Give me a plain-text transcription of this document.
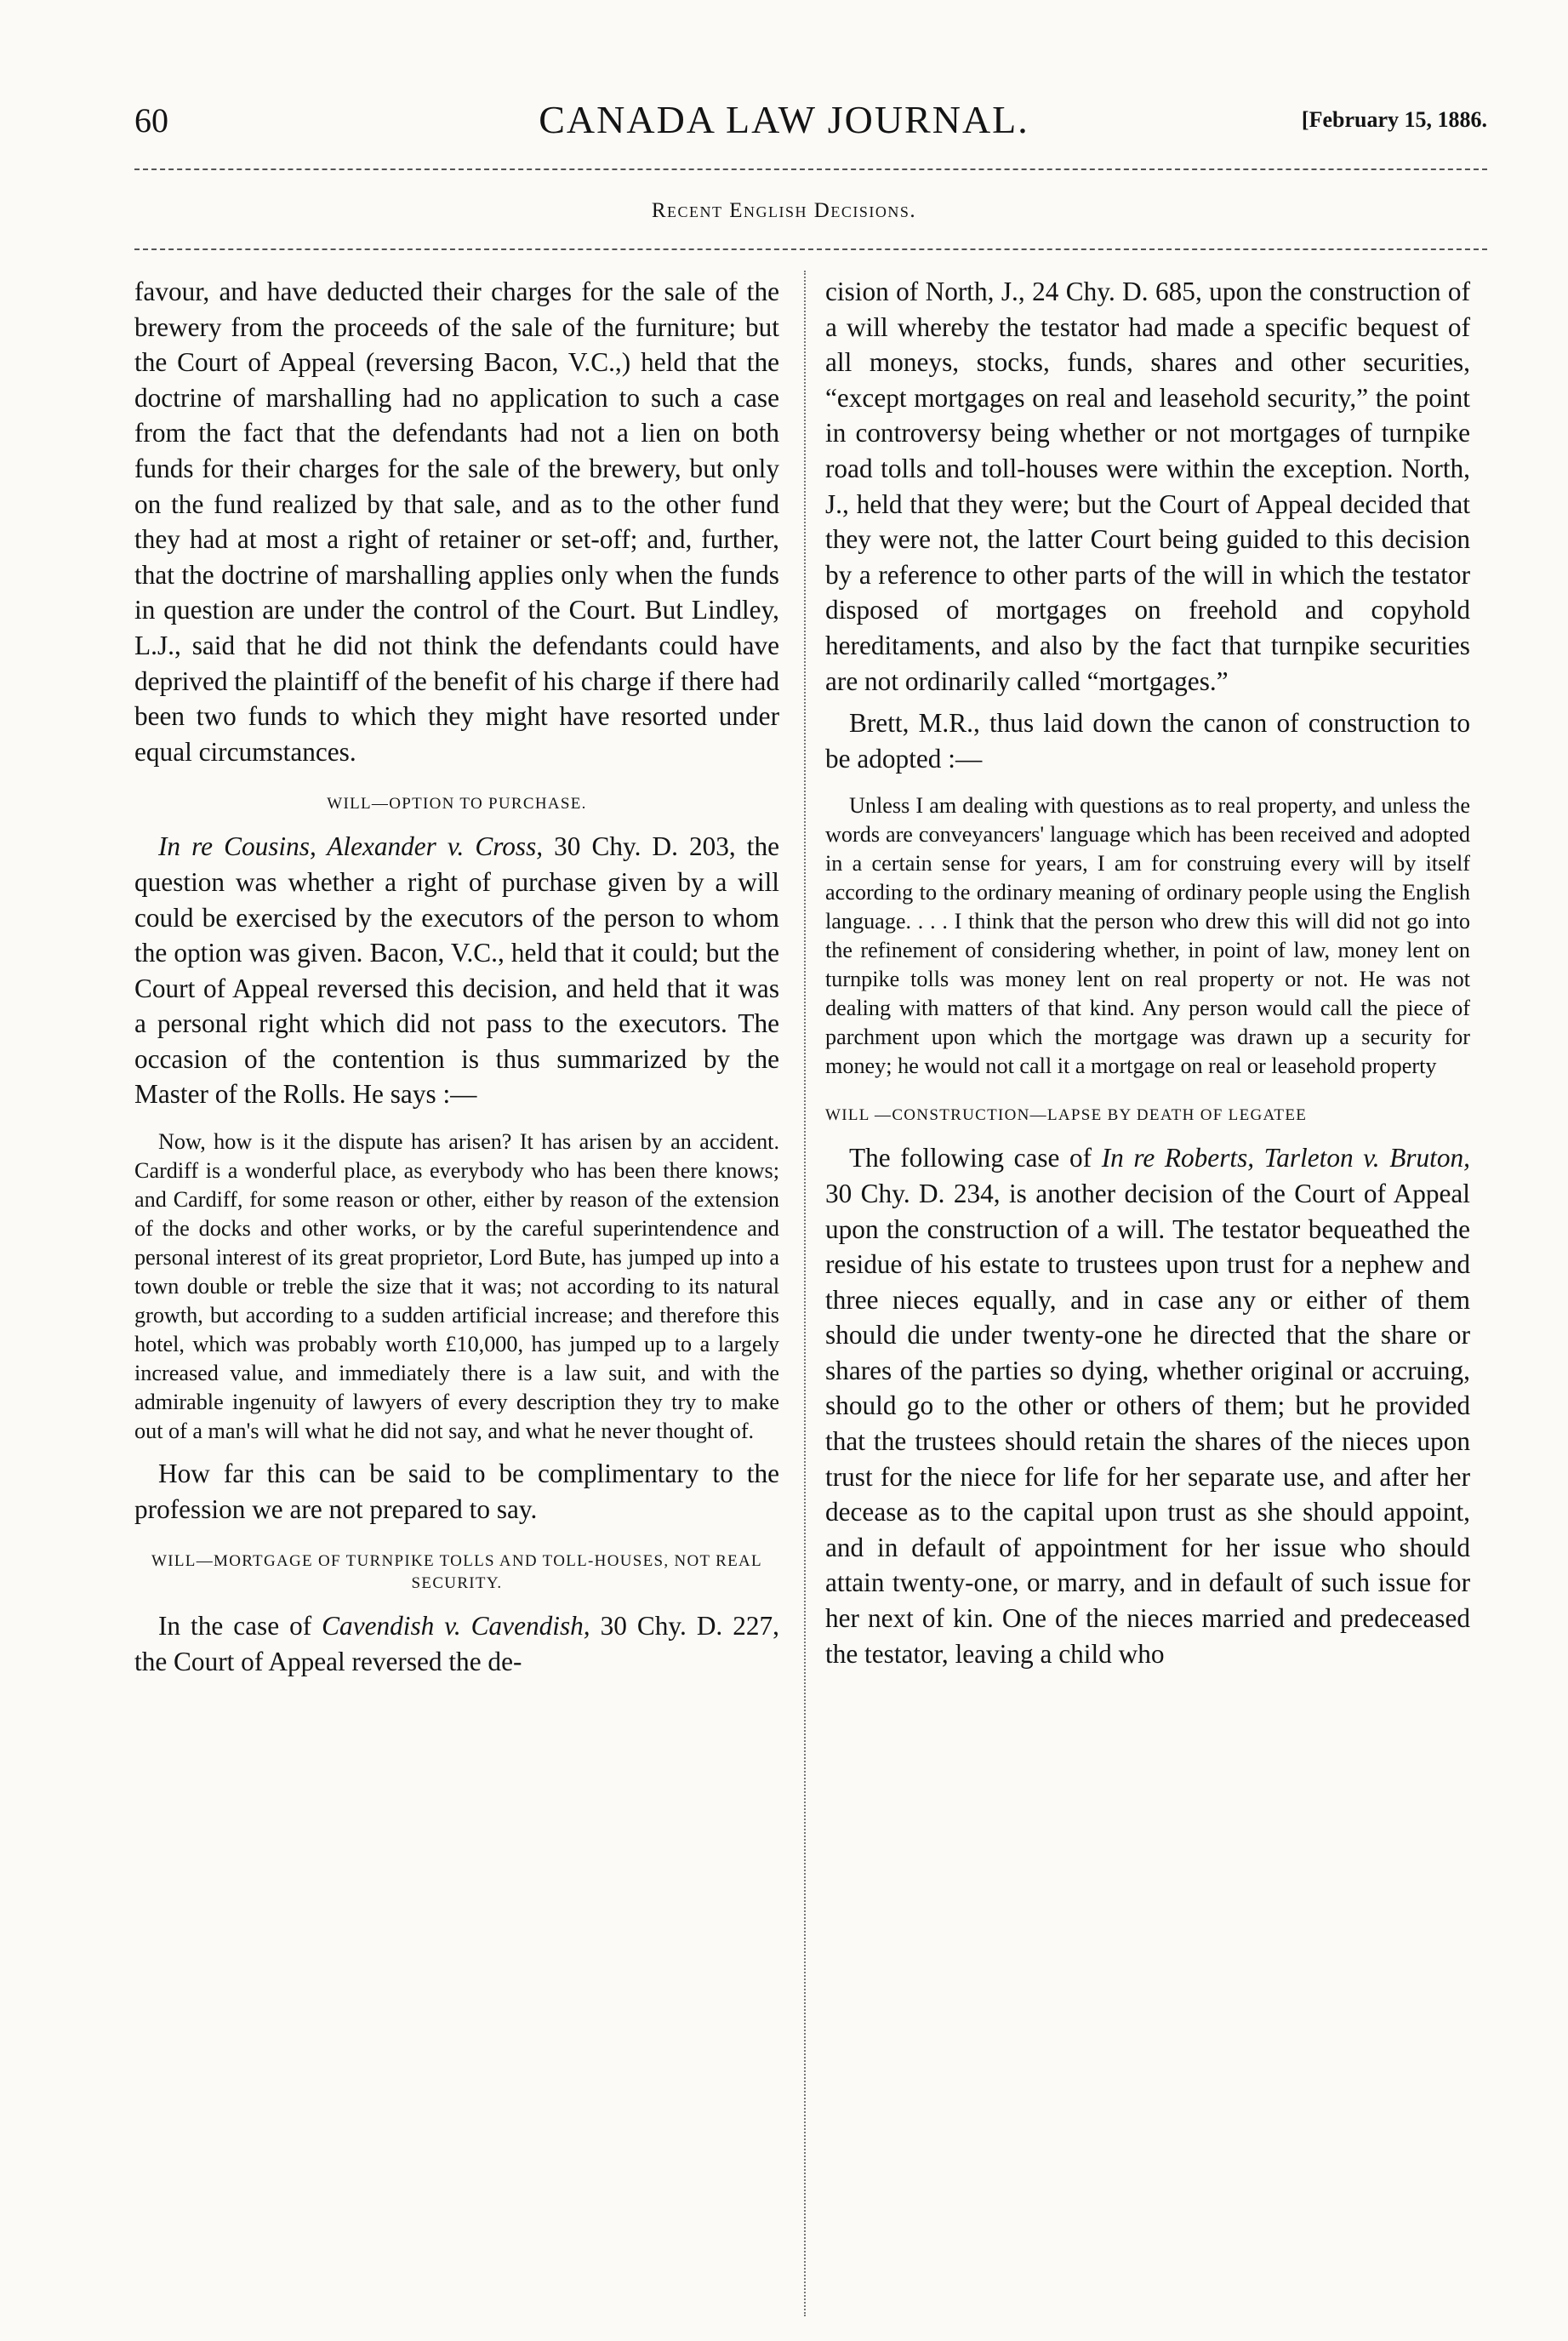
60	CANADA LAW JOURNAL.	[February 15, 1886.
Recent English Decisions.

favour, and have deducted their charges for the sale of the brewery from the proceeds of the sale of the furniture; but the Court of Appeal (reversing Bacon, V.C.,) held that the doctrine of marshalling had no application to such a case from the fact that the defendants had not a lien on both funds for their charges for the sale of the brewery, but only on the fund realized by that sale, and as to the other fund they had at most a right of retainer or set-off; and, further, that the doctrine of marshalling applies only when the funds in question are under the control of the Court. But Lindley, L.J., said that he did not think the defendants could have deprived the plaintiff of the benefit of his charge if there had been two funds to which they might have resorted under equal circumstances.

WILL—OPTION TO PURCHASE.

In re Cousins, Alexander v. Cross, 30 Chy. D. 203, the question was whether a right of purchase given by a will could be exercised by the executors of the person to whom the option was given. Bacon, V.C., held that it could; but the Court of Appeal reversed this decision, and held that it was a personal right which did not pass to the executors. The occasion of the contention is thus summarized by the Master of the Rolls. He says :—

Now, how is it the dispute has arisen? It has arisen by an accident. Cardiff is a wonderful place, as everybody who has been there knows; and Cardiff, for some reason or other, either by reason of the extension of the docks and other works, or by the careful superintendence and personal interest of its great proprietor, Lord Bute, has jumped up into a town double or treble the size that it was; not according to its natural growth, but according to a sudden artificial increase; and therefore this hotel, which was probably worth £10,000, has jumped up to a largely increased value, and immediately there is a law suit, and with the admirable ingenuity of lawyers of every description they try to make out of a man's will what he did not say, and what he never thought of.

How far this can be said to be complimentary to the profession we are not prepared to say.

WILL—MORTGAGE OF TURNPIKE TOLLS AND TOLL-HOUSES, NOT REAL SECURITY.

In the case of Cavendish v. Cavendish, 30 Chy. D. 227, the Court of Appeal reversed the de-

cision of North, J., 24 Chy. D. 685, upon the construction of a will whereby the testator had made a specific bequest of all moneys, stocks, funds, shares and other securities, “except mortgages on real and leasehold security,” the point in controversy being whether or not mortgages of turnpike road tolls and toll-houses were within the exception. North, J., held that they were; but the Court of Appeal decided that they were not, the latter Court being guided to this decision by a reference to other parts of the will in which the testator disposed of mortgages on freehold and copyhold hereditaments, and also by the fact that turnpike securities are not ordinarily called “mortgages.”

Brett, M.R., thus laid down the canon of construction to be adopted :—

Unless I am dealing with questions as to real property, and unless the words are conveyancers' language which has been received and adopted in a certain sense for years, I am for construing every will by itself according to the ordinary meaning of ordinary people using the English language. . . . I think that the person who drew this will did not go into the refinement of considering whether, in point of law, money lent on turnpike tolls was money lent on real property or not. He was not dealing with matters of that kind. Any person would call the piece of parchment upon which the mortgage was drawn up a security for money; he would not call it a mortgage on real or leasehold property

WILL —CONSTRUCTION—LAPSE BY DEATH OF LEGATEE

The following case of In re Roberts, Tarleton v. Bruton, 30 Chy. D. 234, is another decision of the Court of Appeal upon the construction of a will. The testator bequeathed the residue of his estate to trustees upon trust for a nephew and three nieces equally, and in case any or either of them should die under twenty-one he directed that the share or shares of the parties so dying, whether original or accruing, should go to the other or others of them; but he provided that the trustees should retain the shares of the nieces upon trust for the niece for life for her separate use, and after her decease as to the capital upon trust as she should appoint, and in default of appointment for her issue who should attain twenty-one, or marry, and in default of such issue for her next of kin. One of the nieces married and predeceased the testator, leaving a child who
